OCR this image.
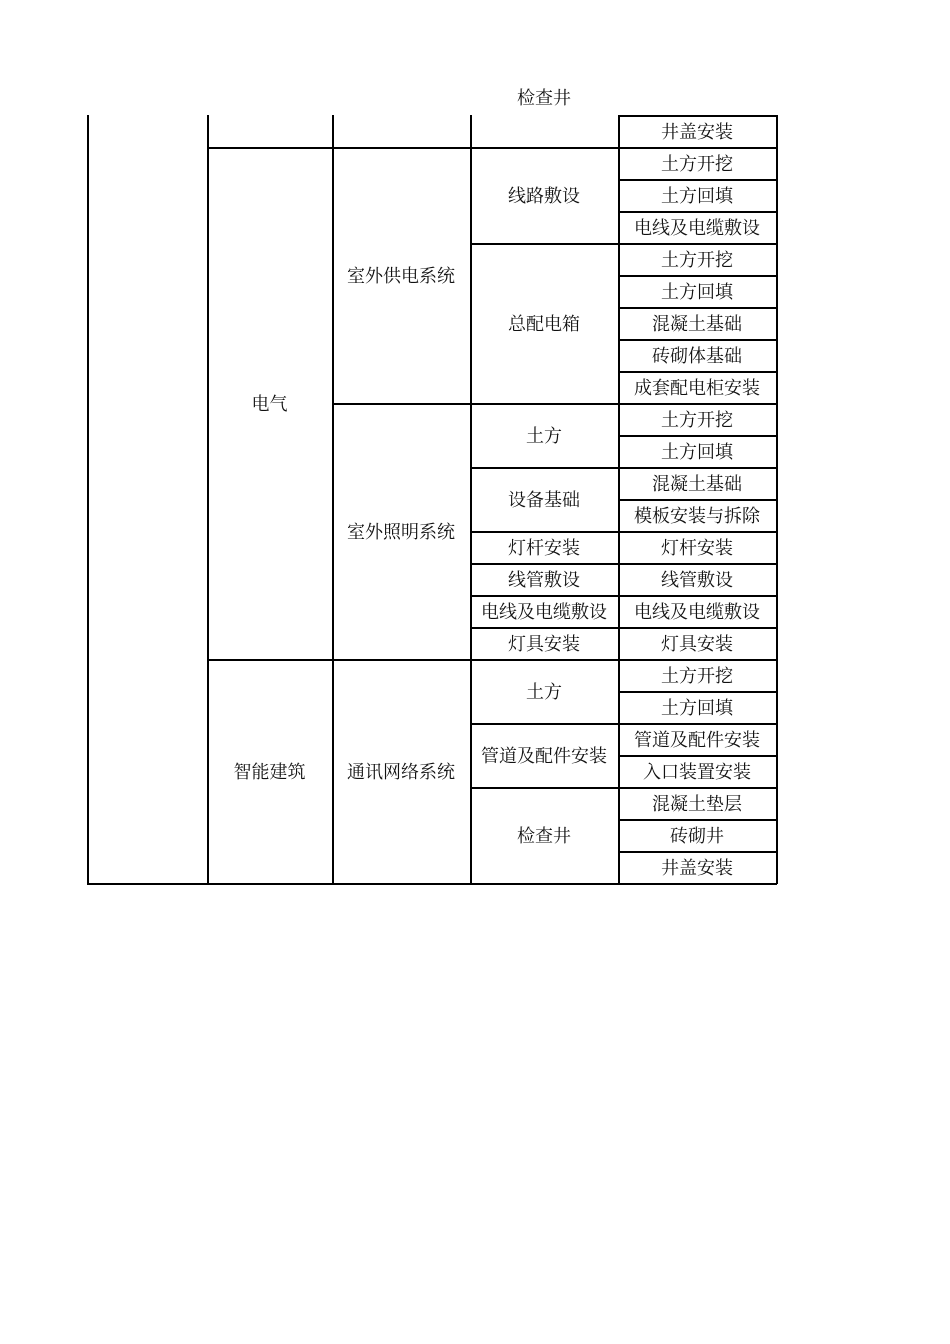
检查井
井盖安装
土方开挖
土方回填
电线及电缆敷设
线路敷设
土方开挖
土方回填
混凝土基础
砖砌体基础
成套配电柜安装
总配电箱
室外供电系统
土方开挖
土方回填
土方
混凝土基础
模板安装与拆除
设备基础
灯杆安装
灯杆安装
线管敷设
线管敷设
电线及电缆敷设
电线及电缆敷设
灯具安装
灯具安装
室外照明系统
电气
土方开挖
土方回填
土方
管道及配件安装
入口装置安装
管道及配件安装
混凝土垫层
砖砌井
井盖安装
检查井
通讯网络系统
智能建筑
